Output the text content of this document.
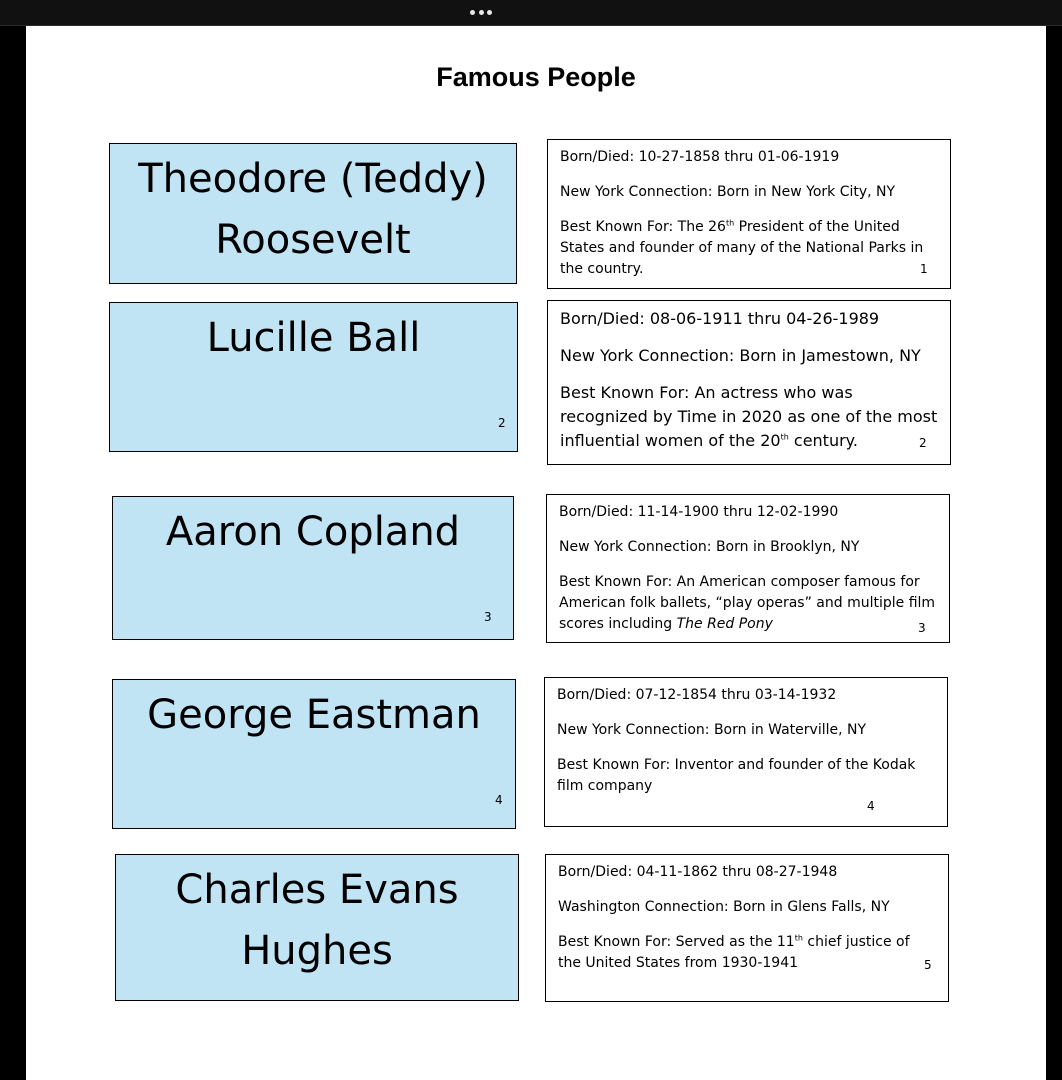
Famous People
Theodore (Teddy)
Roosevelt

Born/Died: 10-27-1858 thru 01-06-1919

New York Connection: Born in New York City, NY

Best Known For: The 26th President of the United States and founder of many of the National Parks in the country.	1
Lucille Ball
2

Born/Died: 08-06-1911 thru 04-26-1989

New York Connection: Born in Jamestown, NY

Best Known For: An actress who was recognized by Time in 2020 as one of the most influential women of the 20th century.	2
Aaron Copland
3

Born/Died: 11-14-1900 thru 12-02-1990

New York Connection: Born in Brooklyn, NY

Best Known For: An American composer famous for American folk ballets, “play operas” and multiple film scores including The Red Pony	3
George Eastman
4

Born/Died: 07-12-1854 thru 03-14-1932

New York Connection: Born in Waterville, NY

Best Known For: Inventor and founder of the Kodak film company

4
Charles Evans
Hughes

Born/Died: 04-11-1862 thru 08-27-1948

Washington Connection: Born in Glens Falls, NY

Best Known For: Served as the 11th chief justice of the United States from 1930-1941	5
